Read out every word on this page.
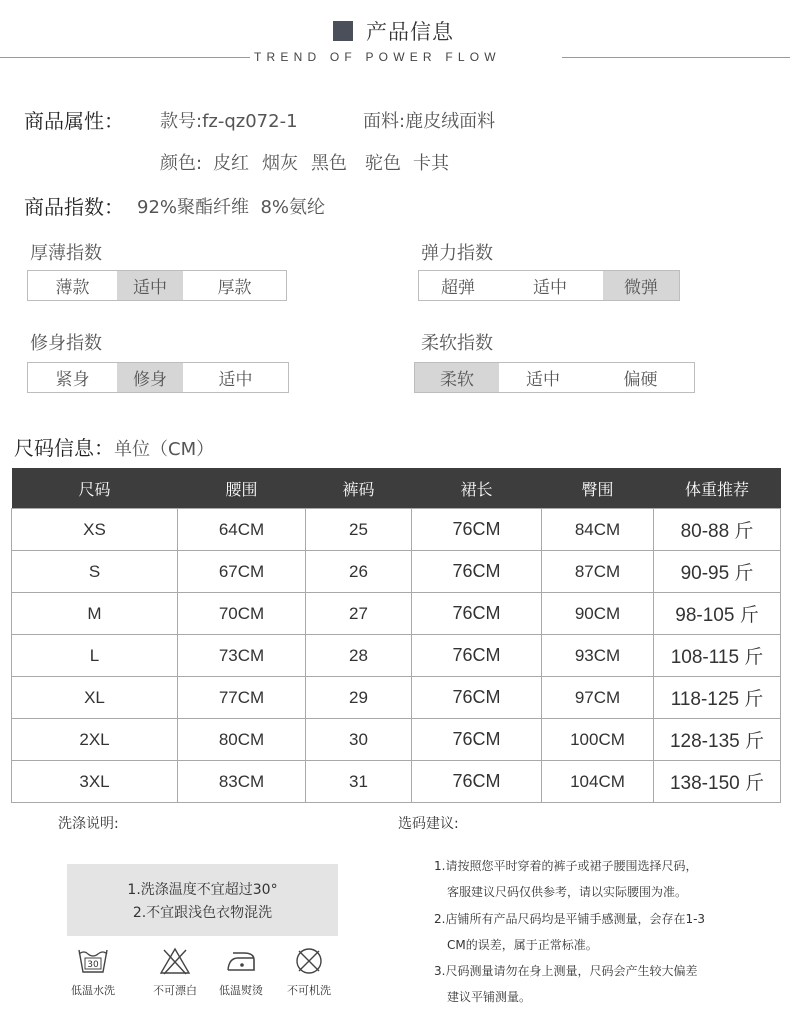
产品信息
TREND OF POWER FLOW
商品属性： 款号:fz-qz072-1	面料:鹿皮绒面料
颜色: 皮红 烟灰 黑色 驼色 卡其
商品指数： 92%聚酯纤维  8%氨纶
厚薄指数
薄款	适中	厚款
弹力指数
超弹	适中	微弹
修身指数
紧身	修身	适中
柔软指数
柔软	适中	偏硬
尺码信息：单位（CM）
尺码	腰围	裤码	裙长	臀围	体重推荐
XS	64CM	25	76CM	84CM	80-88 斤
S	67CM	26	76CM	87CM	90-95 斤
M	70CM	27	76CM	90CM	98-105 斤
L	73CM	28	76CM	93CM	108-115 斤
XL	77CM	29	76CM	97CM	118-125 斤
2XL	80CM	30	76CM	100CM	128-135 斤
3XL	83CM	31	76CM	104CM	138-150 斤
洗涤说明:
1.洗涤温度不宜超过30°
2.不宜跟浅色衣物混洗
30
低温水洗	不可漂白	低温熨烫	不可机洗
选码建议:
1.请按照您平时穿着的裤子或裙子腰围选择尺码，
客服建议尺码仅供参考，请以实际腰围为准。
2.店铺所有产品尺码均是平铺手感测量，会存在1-3
CM的误差，属于正常标准。
3.尺码测量请勿在身上测量，尺码会产生较大偏差
建议平铺测量。
